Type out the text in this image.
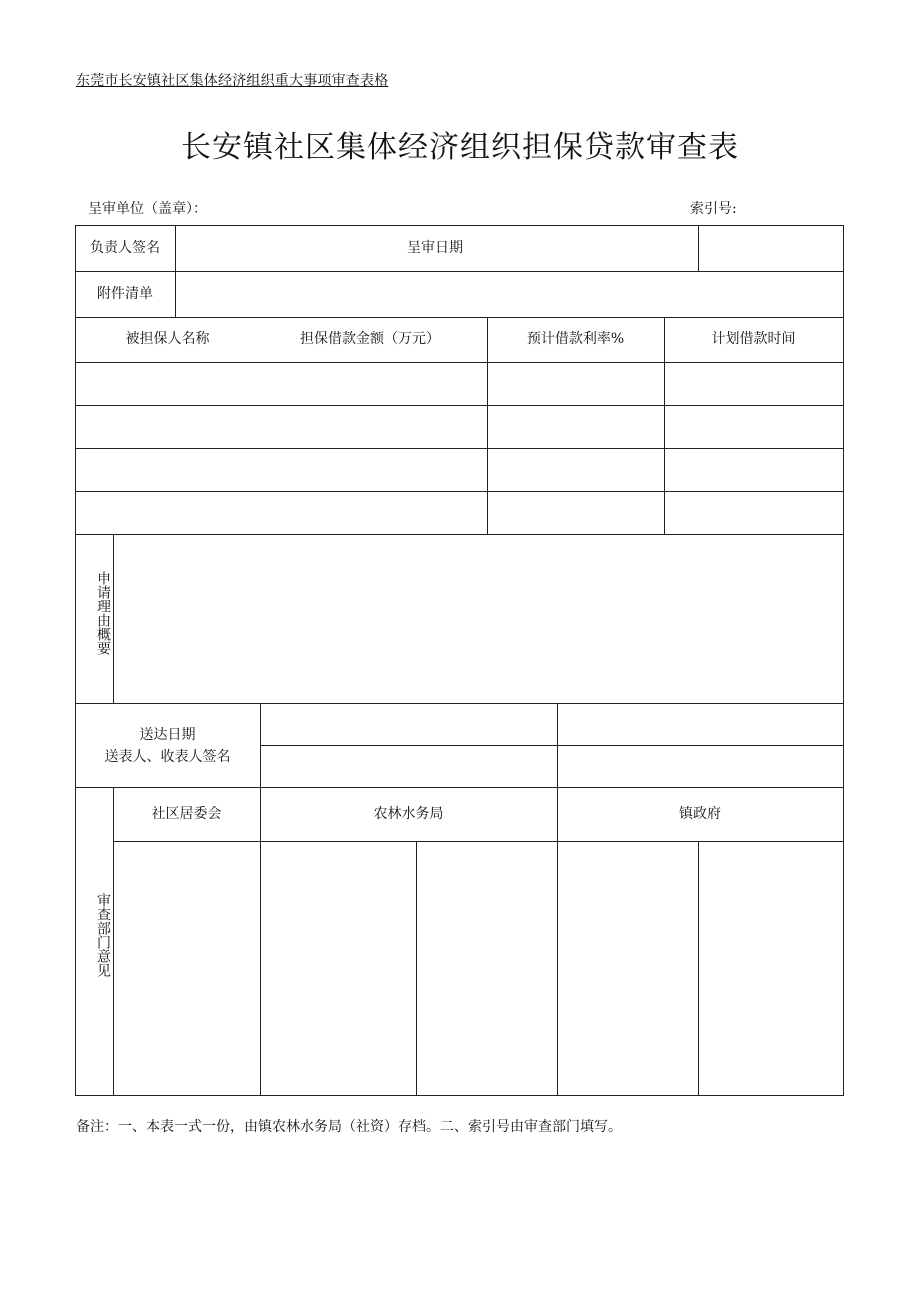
东莞市长安镇社区集体经济组织重大事项审查表格
长安镇社区集体经济组织担保贷款审查表
呈审单位（盖章）：	索引号:
负责人签名	呈审日期
附件清单
被担保人名称	担保借款金额（万元）	预计借款利率%	计划借款时间
申请理由概要
送达日期
送表人、收表人签名
审查部门意见
社区居委会	农林水务局	镇政府
备注：一、本表一式一份，由镇农林水务局（社资）存档。二、索引号由审查部门填写。
